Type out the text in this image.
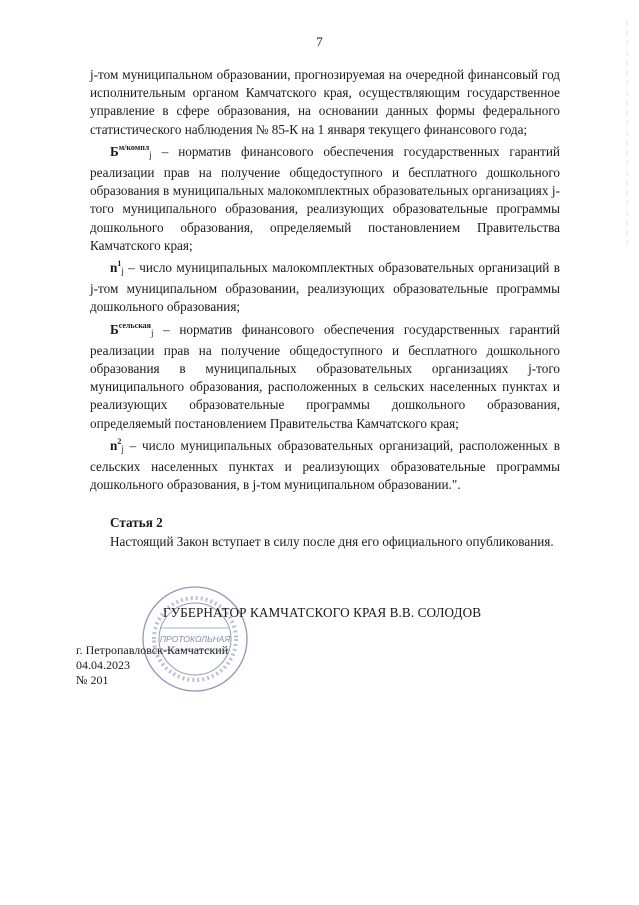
7

j-том муниципальном образовании, прогнозируемая на очередной финансовый год исполнительным органом Камчатского края, осуществляющим государственное управление в сфере образования, на основании данных формы федерального статистического наблюдения № 85-К на 1 января текущего финансового года;

$Б^{м/компл}_j$ – норматив финансового обеспечения государственных гарантий реализации прав на получение общедоступного и бесплатного дошкольного образования в муниципальных малокомплектных образовательных организациях j-того муниципального образования, реализующих образовательные программы дошкольного образования, определяемый постановлением Правительства Камчатского края;

$n^1_j$ – число муниципальных малокомплектных образовательных организаций в j-том муниципальном образовании, реализующих образовательные программы дошкольного образования;

$Б^{сельская}_j$ – норматив финансового обеспечения государственных гарантий реализации прав на получение общедоступного и бесплатного дошкольного образования в муниципальных образовательных организациях j-того муниципального образования, расположенных в сельских населенных пунктах и реализующих образовательные программы дошкольного образования, определяемый постановлением Правительства Камчатского края;

$n^2_j$ – число муниципальных образовательных организаций, расположенных в сельских населенных пунктах и реализующих образовательные программы дошкольного образования, в j-том муниципальном образовании.".

Статья 2

Настоящий Закон вступает в силу после дня его официального опубликования.

ПРОТОКОЛЬНАЯ
ГУБЕРНАТОР КАМЧАТСКОГО КРАЯ В.В. СОЛОДОВ
г. Петропавловск-Камчатский
04.04.2023
№ 201
